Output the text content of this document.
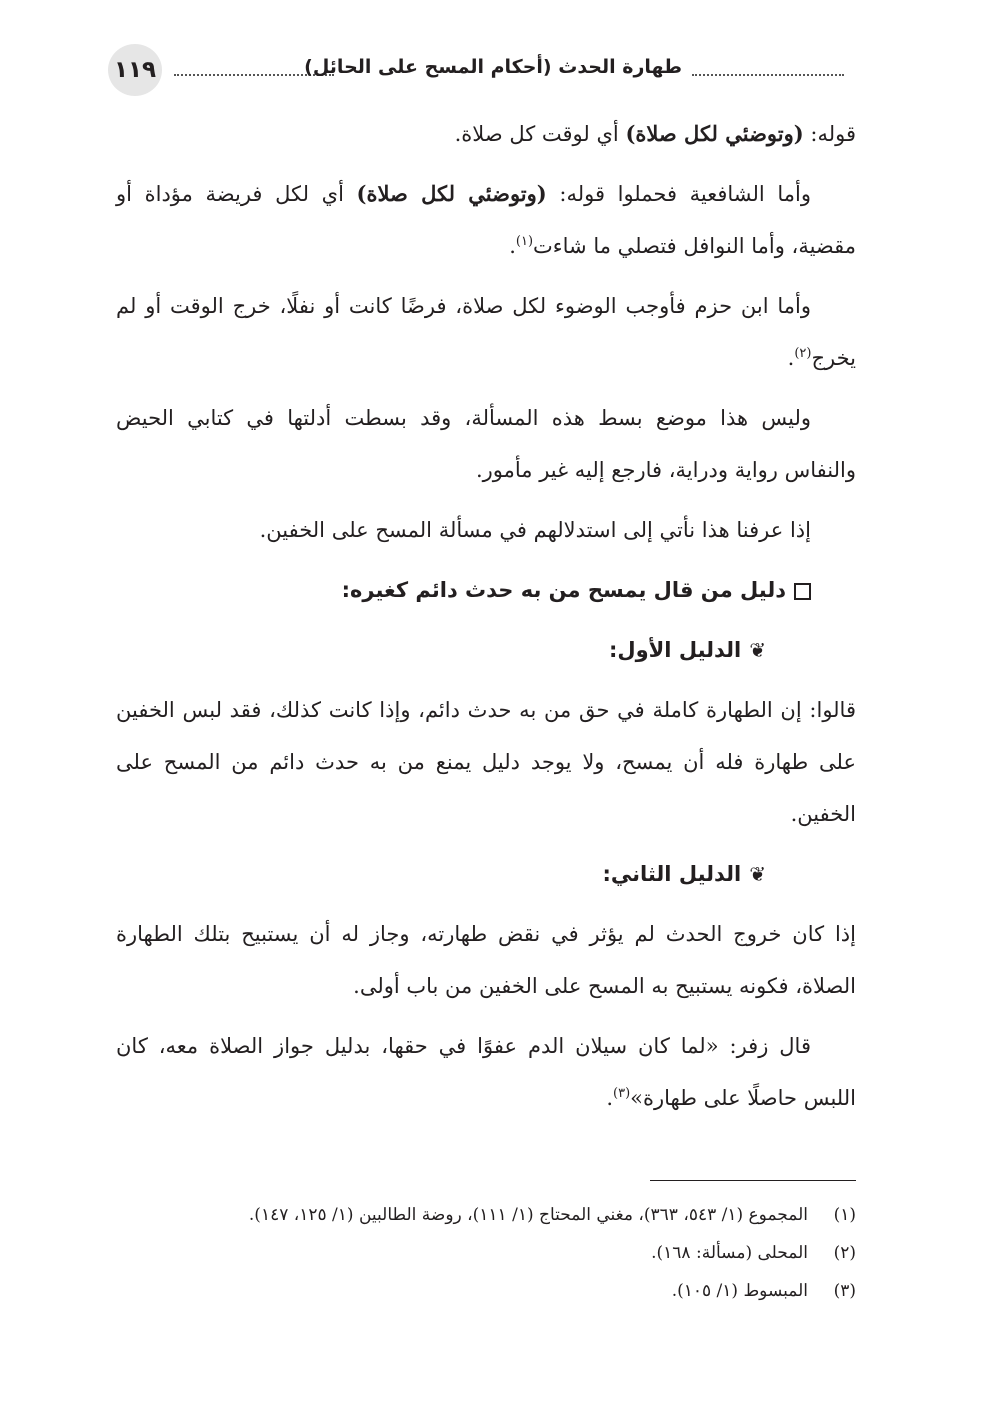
١١٩	طهارة الحدث (أحكام المسح على الحائل)

قوله: (وتوضئي لكل صلاة) أي لوقت كل صلاة.

وأما الشافعية فحملوا قوله: (وتوضئي لكل صلاة) أي لكل فريضة مؤداة أو مقضية، وأما النوافل فتصلي ما شاءت$^{(١)}$.

وأما ابن حزم فأوجب الوضوء لكل صلاة، فرضًا كانت أو نفلًا، خرج الوقت أو لم يخرج$^{(٢)}$.

وليس هذا موضع بسط هذه المسألة، وقد بسطت أدلتها في كتابي الحيض والنفاس رواية ودراية، فارجع إليه غير مأمور.

إذا عرفنا هذا نأتي إلى استدلالهم في مسألة المسح على الخفين.

دليل من قال يمسح من به حدث دائم كغيره:

❦الدليل الأول:

قالوا: إن الطهارة كاملة في حق من به حدث دائم، وإذا كانت كذلك، فقد لبس الخفين على طهارة فله أن يمسح، ولا يوجد دليل يمنع من به حدث دائم من المسح على الخفين.

❦الدليل الثاني:

إذا كان خروج الحدث لم يؤثر في نقض طهارته، وجاز له أن يستبيح بتلك الطهارة الصلاة، فكونه يستبيح به المسح على الخفين من باب أولى.

قال زفر: «لما كان سيلان الدم عفوًا في حقها، بدليل جواز الصلاة معه، كان اللبس حاصلًا على طهارة»$^{(٣)}$.

(١)
المجموع (١/ ٥٤٣، ٣٦٣)، مغني المحتاج (١/ ١١١)، روضة الطالبين (١/ ١٢٥، ١٤٧).
(٢)
المحلى (مسألة: ١٦٨).
(٣)
المبسوط (١/ ١٠٥).
